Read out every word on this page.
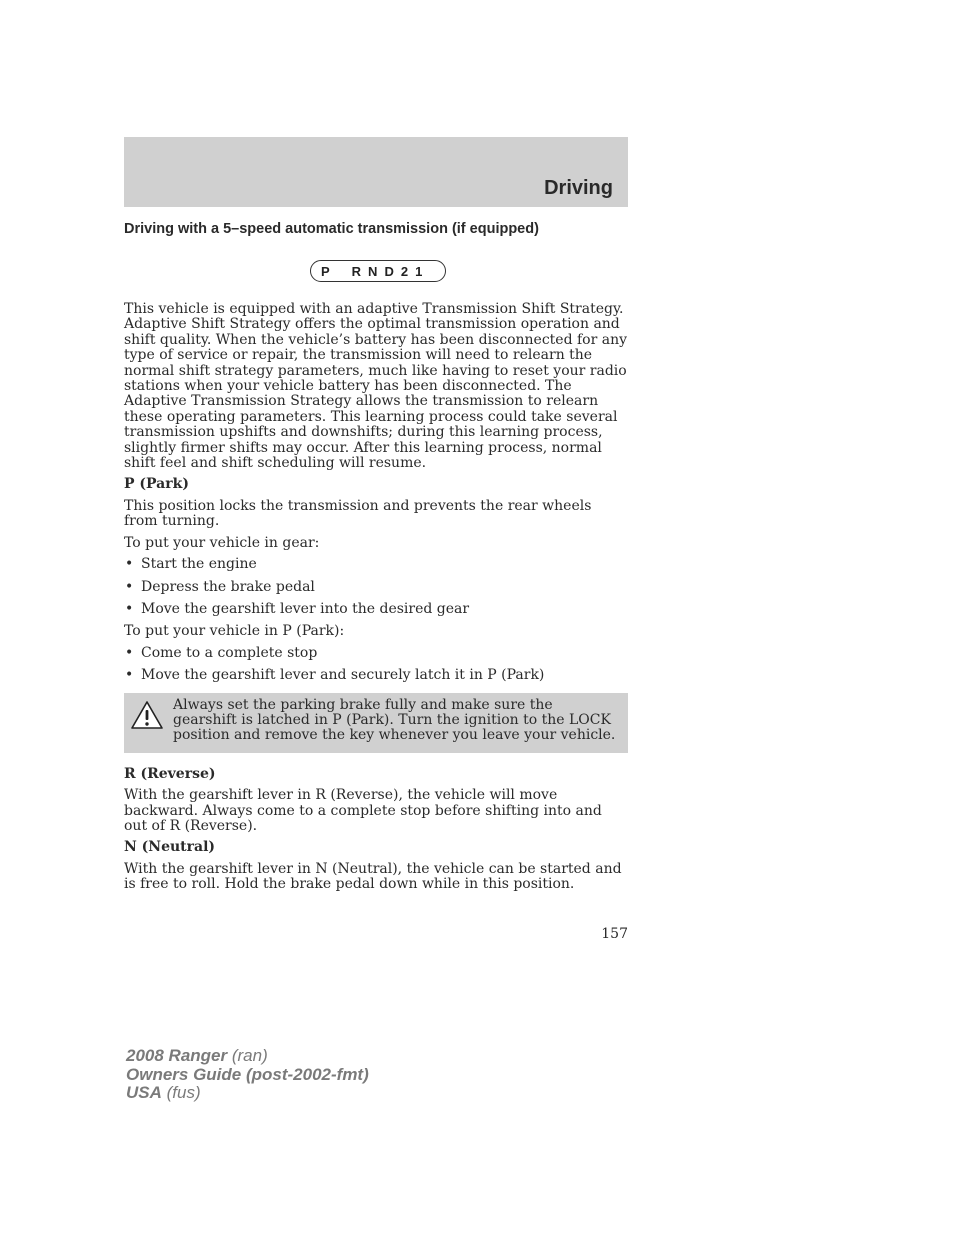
Driving
Driving with a 5–speed automatic transmission (if equipped)
P RND21

This vehicle is equipped with an adaptive Transmission Shift Strategy. Adaptive Shift Strategy offers the optimal transmission operation and shift quality. When the vehicle’s battery has been disconnected for any type of service or repair, the transmission will need to relearn the normal shift strategy parameters, much like having to reset your radio stations when your vehicle battery has been disconnected. The Adaptive Transmission Strategy allows the transmission to relearn these operating parameters. This learning process could take several transmission upshifts and downshifts; during this learning process, slightly firmer shifts may occur. After this learning process, normal shift feel and shift scheduling will resume.

P (Park)

This position locks the transmission and prevents the rear wheels from turning.

To put your vehicle in gear:

• Start the engine
• Depress the brake pedal
• Move the gearshift lever into the desired gear

To put your vehicle in P (Park):

• Come to a complete stop
• Move the gearshift lever and securely latch it in P (Park)
Always set the parking brake fully and make sure the gearshift is latched in P (Park). Turn the ignition to the LOCK position and remove the key whenever you leave your vehicle.

R (Reverse)

With the gearshift lever in R (Reverse), the vehicle will move backward. Always come to a complete stop before shifting into and out of R (Reverse).

N (Neutral)

With the gearshift lever in N (Neutral), the vehicle can be started and is free to roll. Hold the brake pedal down while in this position.

157
2008 Ranger (ran)
Owners Guide (post-2002-fmt)
USA (fus)
